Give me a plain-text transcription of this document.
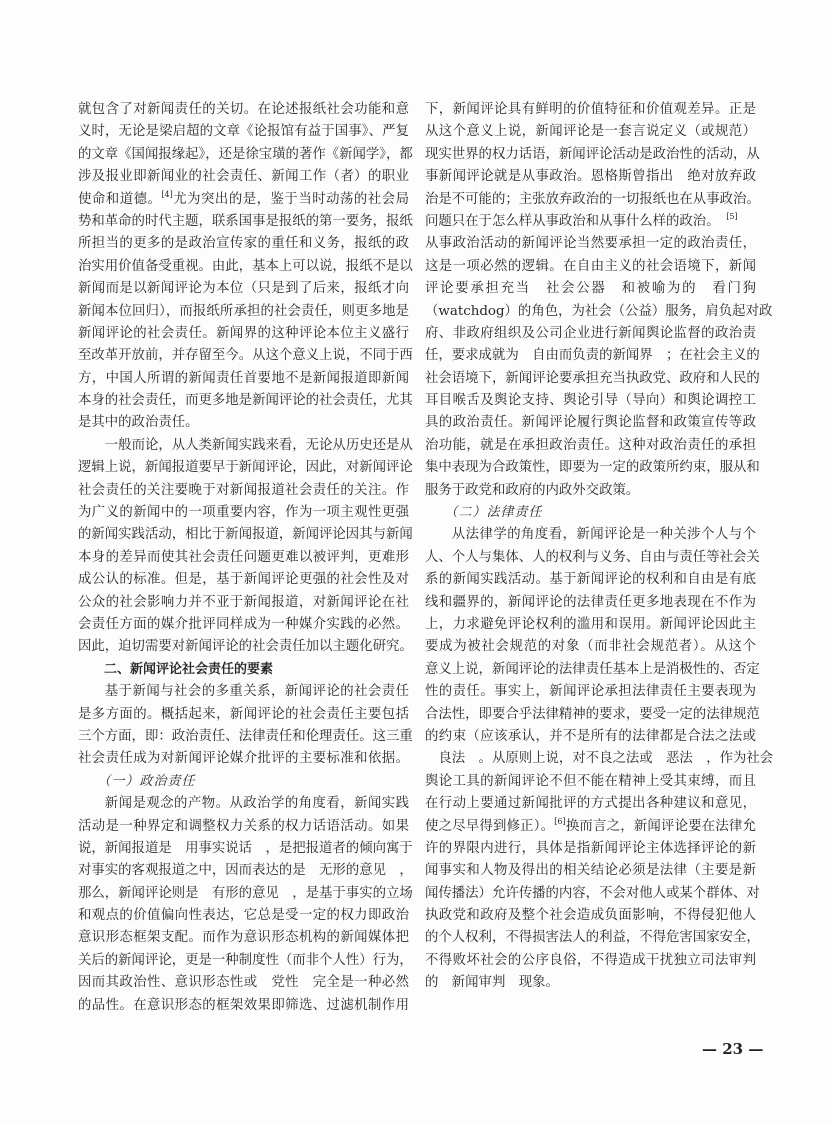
就包含了对新闻责任的关切。在论述报纸社会功能和意
义时，无论是梁启超的文章《论报馆有益于国事》、严复
的文章《国闻报缘起》，还是徐宝璜的著作《新闻学》，都
涉及报业即新闻业的社会责任、新闻工作（者）的职业
使命和道德。[4]尤为突出的是，鉴于当时动荡的社会局
势和革命的时代主题，联系国事是报纸的第一要务，报纸
所担当的更多的是政治宣传家的重任和义务，报纸的政
治实用价值备受重视。由此，基本上可以说，报纸不是以
新闻而是以新闻评论为本位（只是到了后来，报纸才向
新闻本位回归），而报纸所承担的社会责任，则更多地是
新闻评论的社会责任。新闻界的这种评论本位主义盛行
至改革开放前，并存留至今。从这个意义上说，不同于西
方，中国人所谓的新闻责任首要地不是新闻报道即新闻
本身的社会责任，而更多地是新闻评论的社会责任，尤其
是其中的政治责任。
一般而论，从人类新闻实践来看，无论从历史还是从
逻辑上说，新闻报道要早于新闻评论，因此，对新闻评论
社会责任的关注要晚于对新闻报道社会责任的关注。作
为广义的新闻中的一项重要内容，作为一项主观性更强
的新闻实践活动，相比于新闻报道，新闻评论因其与新闻
本身的差异而使其社会责任问题更难以被评判，更难形
成公认的标准。但是，基于新闻评论更强的社会性及对
公众的社会影响力并不亚于新闻报道，对新闻评论在社
会责任方面的媒介批评同样成为一种媒介实践的必然。
因此，迫切需要对新闻评论的社会责任加以主题化研究。
二、新闻评论社会责任的要素
基于新闻与社会的多重关系，新闻评论的社会责任
是多方面的。概括起来，新闻评论的社会责任主要包括
三个方面，即：政治责任、法律责任和伦理责任。这三重
社会责任成为对新闻评论媒介批评的主要标准和依据。
（一）政治责任
新闻是观念的产物。从政治学的角度看，新闻实践
活动是一种界定和调整权力关系的权力话语活动。如果
说，新闻报道是　用事实说话　，是把报道者的倾向寓于
对事实的客观报道之中，因而表达的是　无形的意见　，
那么，新闻评论则是　有形的意见　，是基于事实的立场
和观点的价值偏向性表达，它总是受一定的权力即政治
意识形态框架支配。而作为意识形态机构的新闻媒体把
关后的新闻评论，更是一种制度性（而非个人性）行为，
因而其政治性、意识形态性或　党性　完全是一种必然
的品性。在意识形态的框架效果即筛选、过滤机制作用
下，新闻评论具有鲜明的价值特征和价值观差异。正是
从这个意义上说，新闻评论是一套言说定义（或规范）
现实世界的权力话语，新闻评论活动是政治性的活动，从
事新闻评论就是从事政治。恩格斯曾指出　绝对放弃政
治是不可能的；主张放弃政治的一切报纸也在从事政治。
问题只在于怎么样从事政治和从事什么样的政治。　[5]
从事政治活动的新闻评论当然要承担一定的政治责任，
这是一项必然的逻辑。在自由主义的社会语境下，新闻
评论要承担充当　社会公器　和被喻为的　看门狗
（watchdog）的角色，为社会（公益）服务，肩负起对政
府、非政府组织及公司企业进行新闻舆论监督的政治责
任，要求成就为　自由而负责的新闻界　；在社会主义的
社会语境下，新闻评论要承担充当执政党、政府和人民的
耳目喉舌及舆论支持、舆论引导（导向）和舆论调控工
具的政治责任。新闻评论履行舆论监督和政策宣传等政
治功能，就是在承担政治责任。这种对政治责任的承担
集中表现为合政策性，即要为一定的政策所约束，服从和
服务于政党和政府的内政外交政策。
（二）法律责任
从法律学的角度看，新闻评论是一种关涉个人与个
人、个人与集体、人的权利与义务、自由与责任等社会关
系的新闻实践活动。基于新闻评论的权利和自由是有底
线和疆界的，新闻评论的法律责任更多地表现在不作为
上，力求避免评论权利的滥用和误用。新闻评论因此主
要成为被社会规范的对象（而非社会规范者）。从这个
意义上说，新闻评论的法律责任基本上是消极性的、否定
性的责任。事实上，新闻评论承担法律责任主要表现为
合法性，即要合乎法律精神的要求，要受一定的法律规范
的约束（应该承认，并不是所有的法律都是合法之法或
　良法　。从原则上说，对不良之法或　恶法　，作为社会
舆论工具的新闻评论不但不能在精神上受其束缚，而且
在行动上要通过新闻批评的方式提出各种建议和意见，
使之尽早得到修正）。[6]换而言之，新闻评论要在法律允
许的界限内进行，具体是指新闻评论主体选择评论的新
闻事实和人物及得出的相关结论必须是法律（主要是新
闻传播法）允许传播的内容，不会对他人或某个群体、对
执政党和政府及整个社会造成负面影响，不得侵犯他人
的个人权利，不得损害法人的利益，不得危害国家安全，
不得败坏社会的公序良俗，不得造成干扰独立司法审判
的　新闻审判　现象。
— 23 —
